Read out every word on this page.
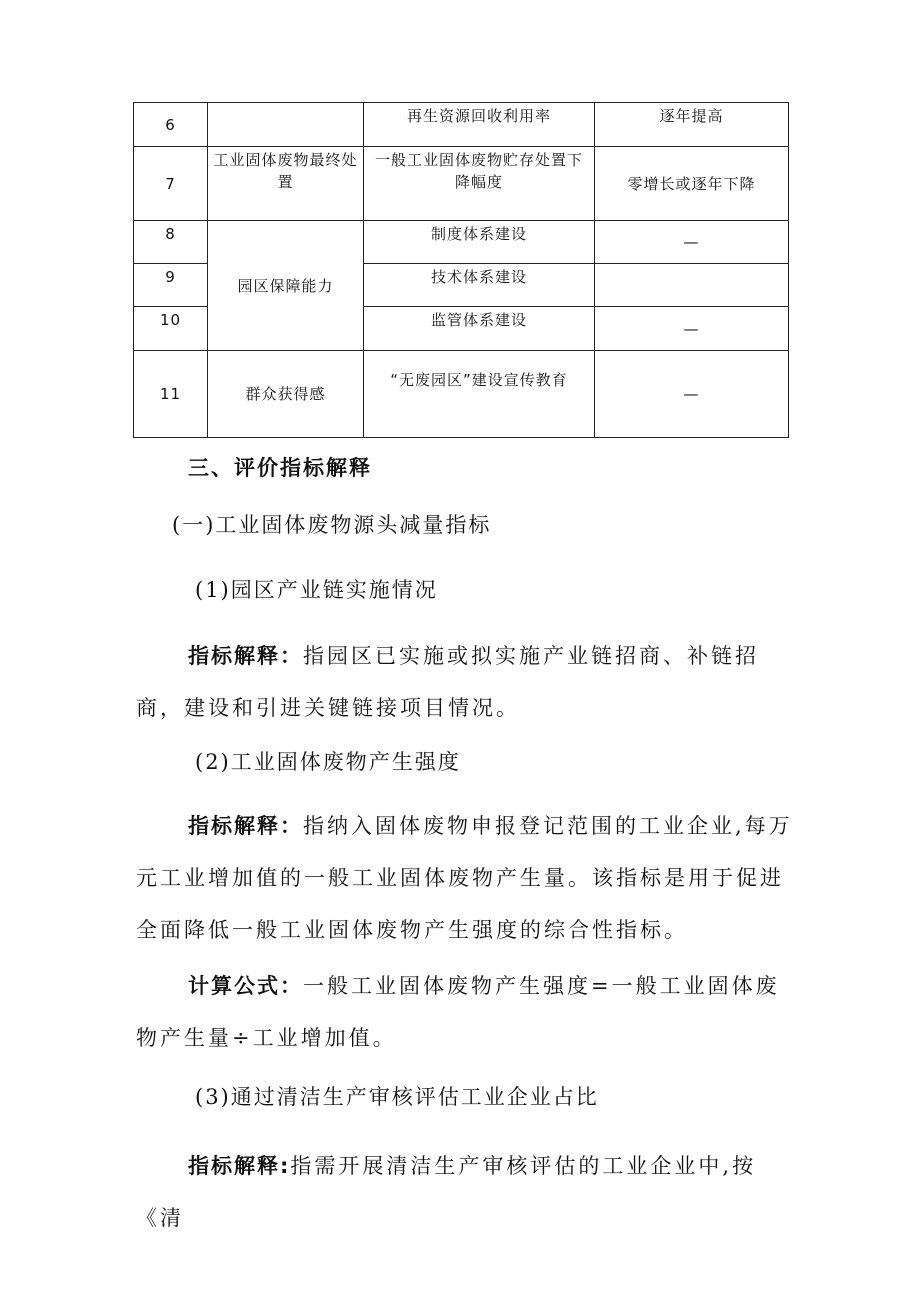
6		再生资源回收利用率	逐年提高
7	工业固体废物最终处置	一般工业固体废物贮存处置下降幅度	零增长或逐年下降
8	园区保障能力	制度体系建设	—
9		技术体系建设	
10		监管体系建设	—
11	群众获得感	“无废园区”建设宣传教育	—

三、评价指标解释

(一)工业固体废物源头减量指标

(1)园区产业链实施情况

指标解释：指园区已实施或拟实施产业链招商、补链招商，建设和引进关键链接项目情况。

(2)工业固体废物产生强度

指标解释：指纳入固体废物申报登记范围的工业企业,每万元工业增加值的一般工业固体废物产生量。该指标是用于促进全面降低一般工业固体废物产生强度的综合性指标。

计算公式：一般工业固体废物产生强度=一般工业固体废物产生量÷工业增加值。

(3)通过清洁生产审核评估工业企业占比

指标解释:指需开展清洁生产审核评估的工业企业中,按《清
